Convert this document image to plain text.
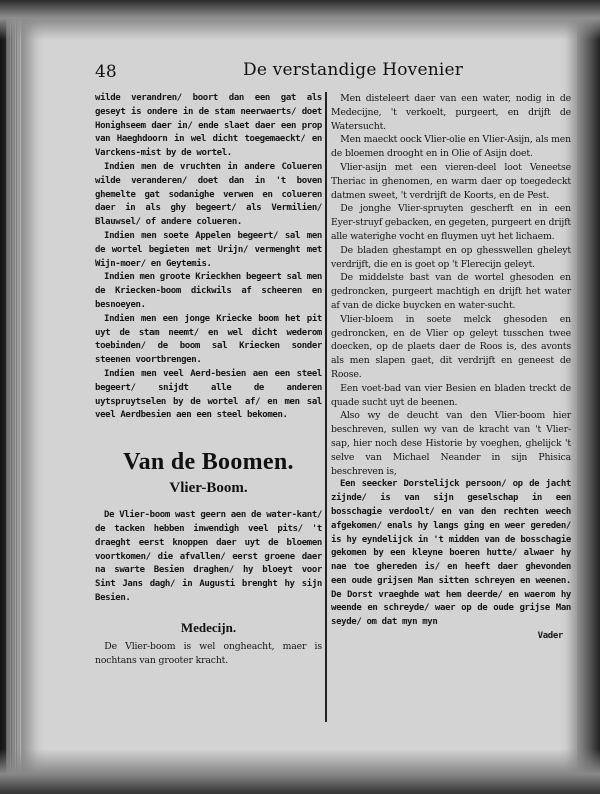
48	De verstandige Hovenier

wilde verandren/ boort dan een gat als geseyt is ondere in de stam neerwaerts/ doet Honighseem daer in/ ende slaet daer een prop van Haeghdoorn in wel dicht toegemaeckt/ en Varckens-mist by de wortel.

Indien men de vruchten in andere Colueren wilde veranderen/ doet dan in 't boven ghemelte gat sodanighe verwen en colueren daer in als ghy begeert/ als Vermilien/ Blauwsel/ of andere colueren.

Indien men soete Appelen begeert/ sal men de wortel begieten met Urijn/ vermenght met Wijn-moer/ en Geytemis.

Indien men groote Krieckhen begeert sal men de Kriecken-boom dickwils af scheeren en besnoeyen.

Indien men een jonge Kriecke boom het pit uyt de stam neemt/ en wel dicht wederom toebinden/ de boom sal Kriecken sonder steenen voortbrengen.

Indien men veel Aerd-besien aen een steel begeert/ snijdt alle de anderen uytspruytselen by de wortel af/ en men sal veel Aerdbesien aen een steel bekomen.

Van de Boomen.
Vlier-Boom.

De Vlier-boom wast geern aen de water-kant/ de tacken hebben inwendigh veel pits/ 't draeght eerst knoppen daer uyt de bloemen voortkomen/ die afvallen/ eerst groene daer na swarte Besien draghen/ hy bloeyt voor Sint Jans dagh/ in Augusti brenght hy sijn Besien.

Medecijn.

De Vlier-boom is wel ongheacht, maer is nochtans van grooter kracht.

Men disteleert daer van een water, nodig in de Medecijne, 't verkoelt, purgeert, en drijft de Watersucht.

Men maeckt oock Vlier-olie en Vlier-Asijn, als men de bloemen drooght en in Olie of Asijn doet.

Vlier-asijn met een vieren-deel loot Veneetse Theriac in ghenomen, en warm daer op toegedeckt datmen sweet, 't verdrijft de Koorts, en de Pest.

De jonghe Vlier-spruyten gescherft en in een Eyer-struyf gebacken, en gegeten, purgeert en drijft alle waterighe vocht en fluymen uyt het lichaem.

De bladen ghestampt en op ghesswellen gheleyt verdrijft, die en is goet op 't Flerecijn geleyt.

De middelste bast van de wortel ghesoden en gedroncken, purgeert machtigh en drijft het water af van de dicke buycken en water-sucht.

Vlier-bloem in soete melck ghesoden en gedroncken, en de Vlier op geleyt tusschen twee doecken, op de plaets daer de Roos is, des avonts als men slapen gaet, dit verdrijft en geneest de Roose.

Een voet-bad van vier Besien en bladen treckt de quade sucht uyt de beenen.

Also wy de deucht van den Vlier-boom hier beschreven, sullen wy van de kracht van 't Vlier-sap, hier noch dese Historie by voeghen, ghelijck 't selve van Michael Neander in sijn Phisica beschreven is,

Een seecker Dorstelijck persoon/ op de jacht zijnde/ is van sijn geselschap in een bosschagie verdoolt/ en van den rechten weech afgekomen/ enals hy langs ging en weer gereden/ is hy eyndelijck in 't midden van de bosschagie gekomen by een kleyne boeren hutte/ alwaer hy nae toe ghereden is/ en heeft daer ghevonden een oude grijsen Man sitten schreyen en weenen. De Dorst vraeghde wat hem deerde/ en waerom hy weende en schreyde/ waer op de oude grijse Man seyde/ om dat myn myn

Vader
